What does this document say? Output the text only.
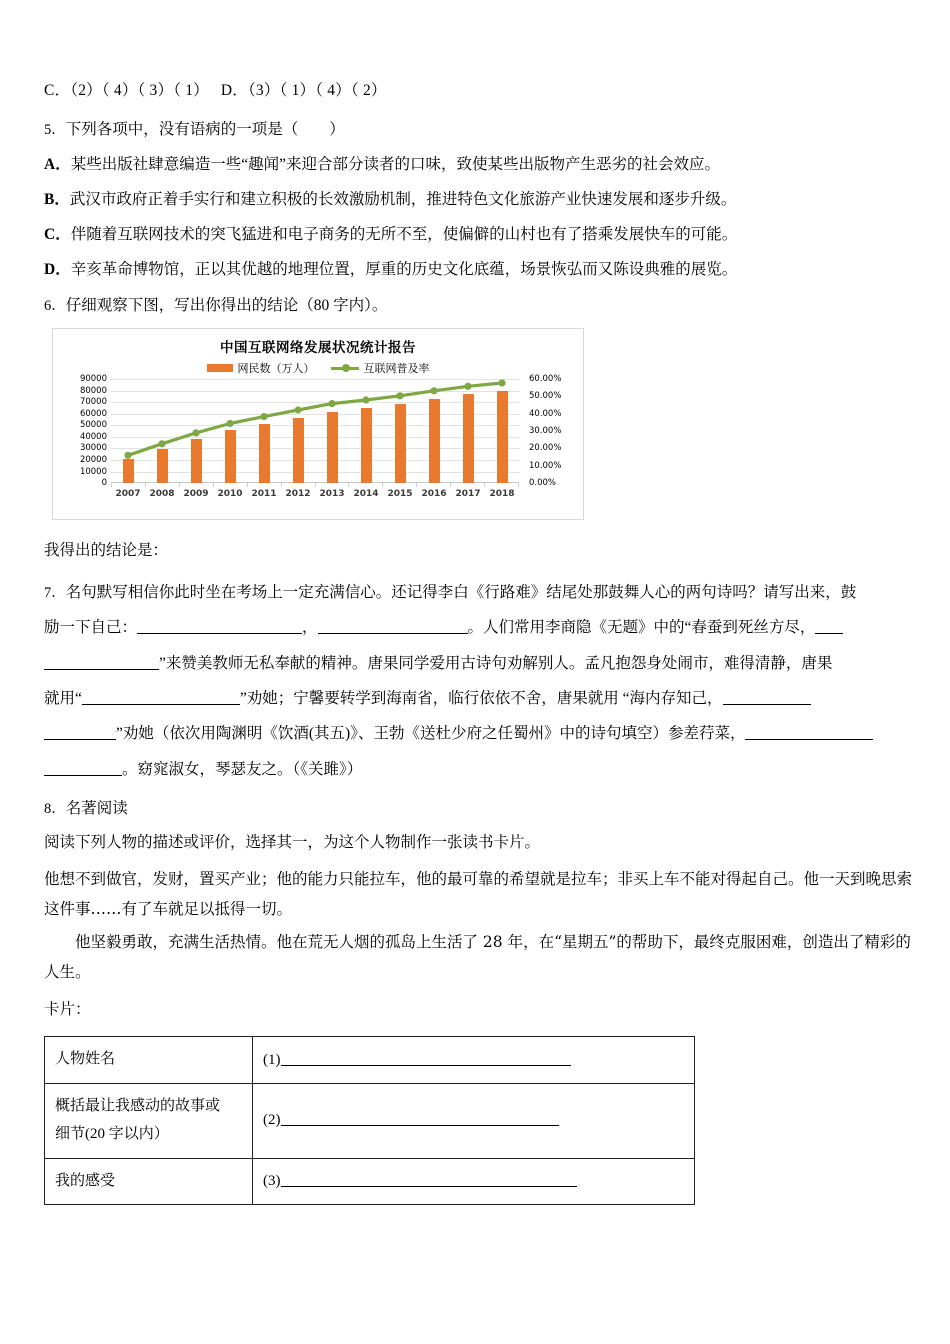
C．（2）（ 4）（ 3）（ 1）　 D．（3）（ 1）（ 4）（ 2）
5．下列各项中，没有语病的一项是（　　）
A．某些出版社肆意编造一些“趣闻”来迎合部分读者的口味，致使某些出版物产生恶劣的社会效应。
B．武汉市政府正着手实行和建立积极的长效激励机制，推进特色文化旅游产业快速发展和逐步升级。
C．伴随着互联网技术的突飞猛进和电子商务的无所不至，使偏僻的山村也有了搭乘发展快车的可能。
D．辛亥革命博物馆，正以其优越的地理位置，厚重的历史文化底蕴，场景恢弘而又陈设典雅的展览。
6．仔细观察下图，写出你得出的结论（80 字内）。
中国互联网络发展状况统计报告
网民数（万人）	互联网普及率
90000
80000
70000
60000
50000
40000
30000
20000
10000
0
60.00%
50.00%
40.00%
30.00%
20.00%
10.00%
0.00%
2007 2008 2009 2010 2011 2012 2013 2014 2015 2016 2017 2018
我得出的结论是：
7．名句默写相信你此时坐在考场上一定充满信心。还记得李白《行路难》结尾处那鼓舞人心的两句诗吗？请写出来，鼓
励一下自己：	，	。人们常用李商隐《无题》中的“春蚕到死丝方尽，
”来赞美教师无私奉献的精神。唐果同学爱用古诗句劝解别人。孟凡抱怨身处闹市，难得清静，唐果
就用“	”劝她；宁馨要转学到海南省，临行依依不舍，唐果就用 “海内存知己，
”劝她（依次用陶渊明《饮酒(其五)》、王勃《送杜少府之任蜀州》中的诗句填空）参差荇菜，
。窈窕淑女，琴瑟友之。（《关雎》）
8．名著阅读
阅读下列人物的描述或评价，选择其一，为这个人物制作一张读书卡片。
他想不到做官，发财，置买产业；他的能力只能拉车，他的最可靠的希望就是拉车；非买上车不能对得起自己。他一天到晚思索这件事……有了车就足以抵得一切。
他坚毅勇敢，充满生活热情。他在荒无人烟的孤岛上生活了 28 年，在“星期五”的帮助下，最终克服困难，创造出了精彩的人生。
卡片：
人物姓名	(1)

概括最让我感动的故事或
细节(20 字以内）	(2)
我的感受	(3)
